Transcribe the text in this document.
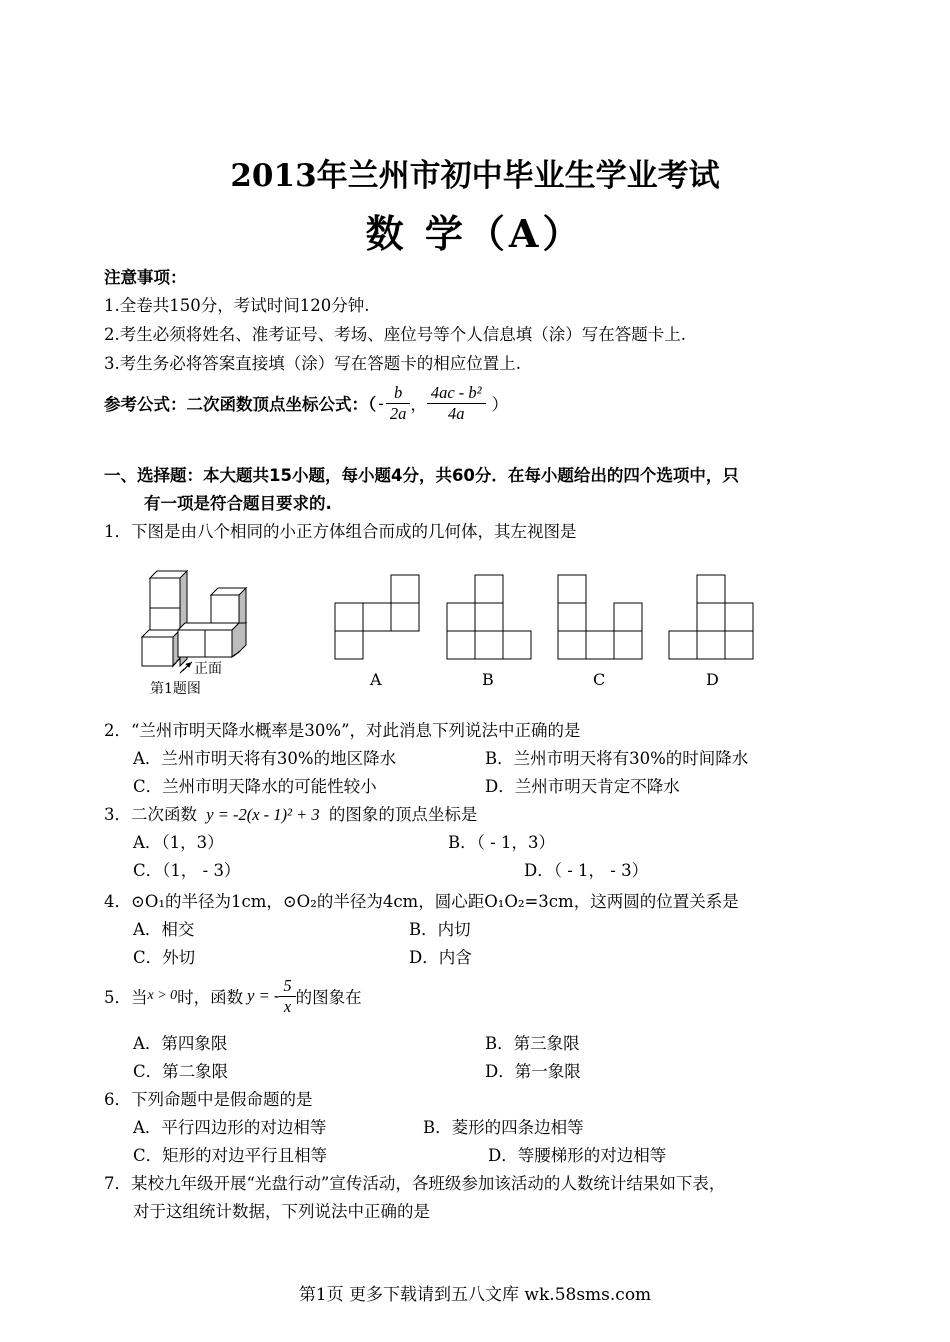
2013年兰州市初中毕业生学业考试
数 学（A）
注意事项：
1.全卷共150分，考试时间120分钟.
2.考生必须将姓名、准考证号、考场、座位号等个人信息填（涂）写在答题卡上.
3.考生务必将答案直接填（涂）写在答题卡的相应位置上.
参考公式：二次函数顶点坐标公式：（ - $\frac{b}{2a}$ ， $\frac{\text{4ac - b²}}{4a}$ ）
一、选择题：本大题共15小题，每小题4分，共60分．在每小题给出的四个选项中，只
有一项是符合题目要求的.
1．下图是由八个相同的小正方体组合而成的几何体，其左视图是
正面
第1题图	A	B	C	D
2．“兰州市明天降水概率是30%”，对此消息下列说法中正确的是
A．兰州市明天将有30%的地区降水	B．兰州市明天将有30%的时间降水
C．兰州市明天降水的可能性较小	D．兰州市明天肯定不降水
3．二次函数 y = -2(x - 1)² + 3 的图象的顶点坐标是
A．（1，3）	B．（ - 1，3）
C．（1， - 3）	D．（ - 1， - 3）
4．⊙O₁的半径为1cm，⊙O₂的半径为4cm，圆心距O₁O₂=3cm，这两圆的位置关系是
A．相交	B．内切
C．外切	D．内含
5．当 x > 0 时，函数 y = - $\frac{5}{x}$ 的图象在
A．第四象限	B．第三象限
C．第二象限	D．第一象限
6．下列命题中是假命题的是
A．平行四边形的对边相等	B．菱形的四条边相等
C．矩形的对边平行且相等	D．等腰梯形的对边相等
7．某校九年级开展“光盘行动”宣传活动，各班级参加该活动的人数统计结果如下表，
对于这组统计数据，下列说法中正确的是
第1页 更多下载请到五八文库 wk.58sms.com
